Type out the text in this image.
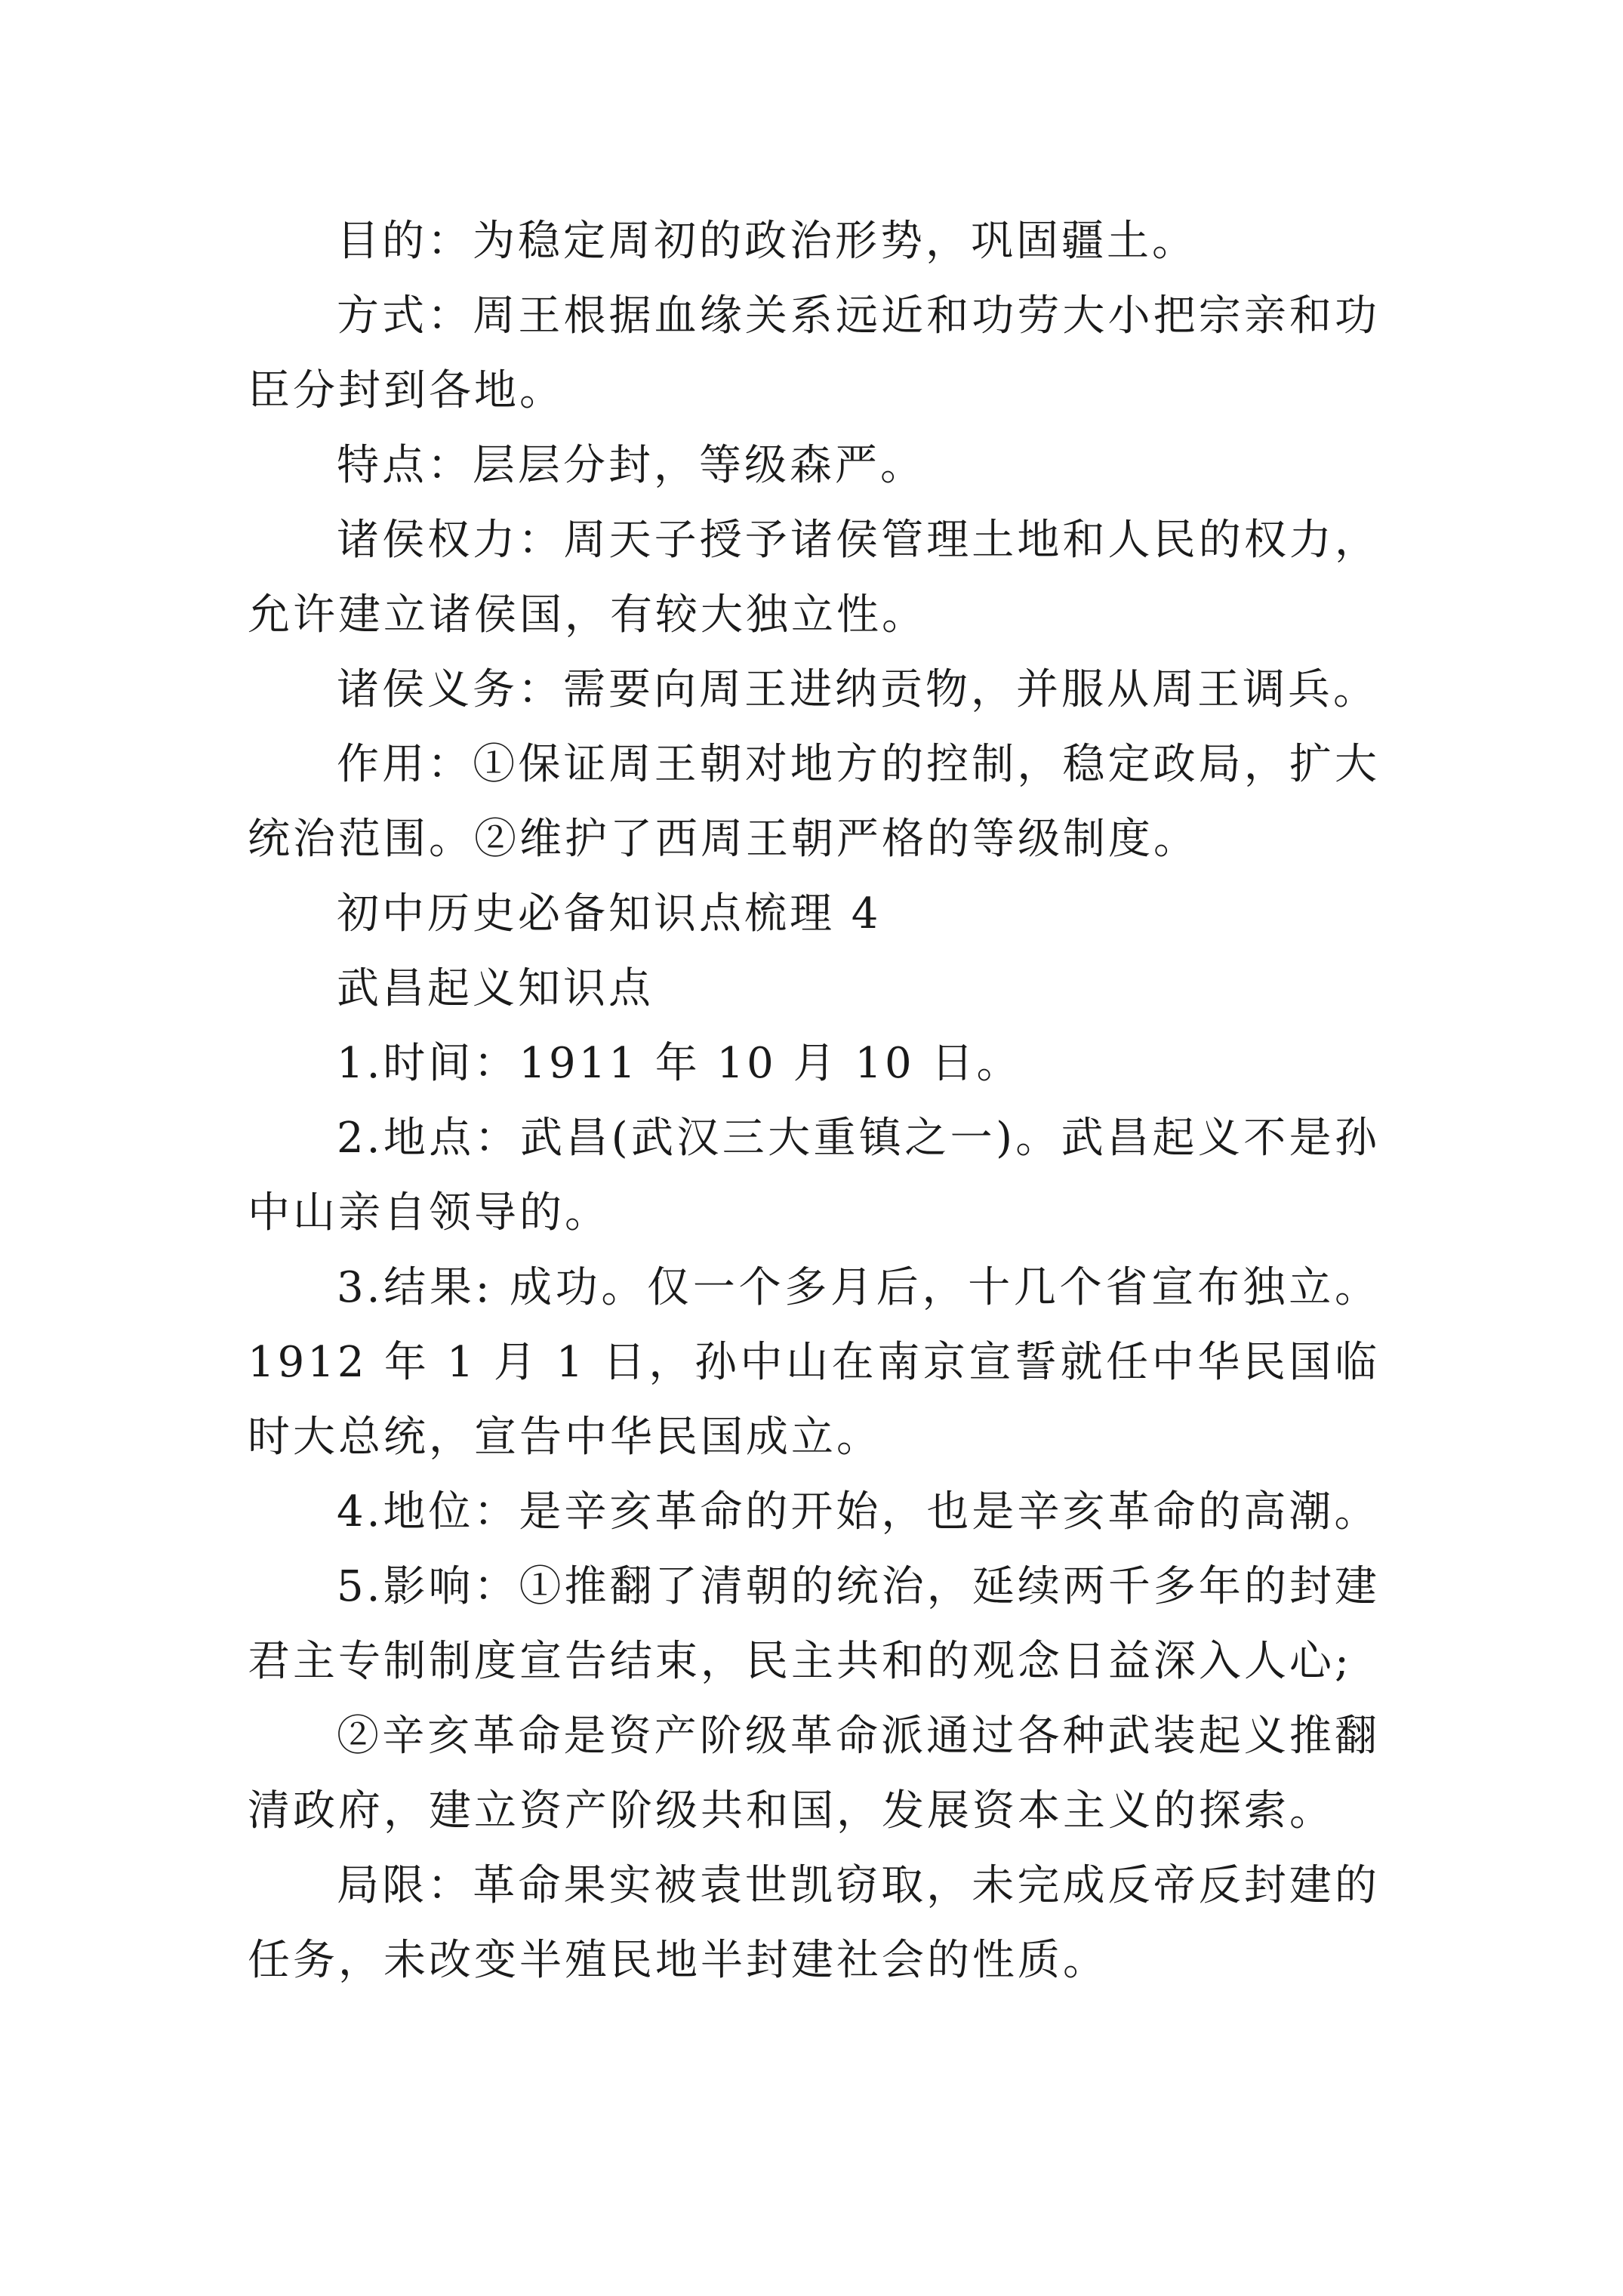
目的：为稳定周初的政治形势，巩固疆土。

方式：周王根据血缘关系远近和功劳大小把宗亲和功臣分封到各地。

特点：层层分封，等级森严。

诸侯权力：周天子授予诸侯管理土地和人民的权力，允许建立诸侯国，有较大独立性。

诸侯义务：需要向周王进纳贡物，并服从周王调兵。

作用：①保证周王朝对地方的控制，稳定政局，扩大统治范围。②维护了西周王朝严格的等级制度。

初中历史必备知识点梳理 4

武昌起义知识点

1.时间：1911 年 10 月 10 日。

2.地点：武昌(武汉三大重镇之一)。武昌起义不是孙中山亲自领导的。

3.结果: 成功。仅一个多月后，十几个省宣布独立。1912 年 1 月 1 日，孙中山在南京宣誓就任中华民国临时大总统，宣告中华民国成立。

4.地位：是辛亥革命的开始，也是辛亥革命的高潮。

5.影响：①推翻了清朝的统治，延续两千多年的封建君主专制制度宣告结束，民主共和的观念日益深入人心;

②辛亥革命是资产阶级革命派通过各种武装起义推翻清政府，建立资产阶级共和国，发展资本主义的探索。

局限：革命果实被袁世凯窃取，未完成反帝反封建的任务，未改变半殖民地半封建社会的性质。
